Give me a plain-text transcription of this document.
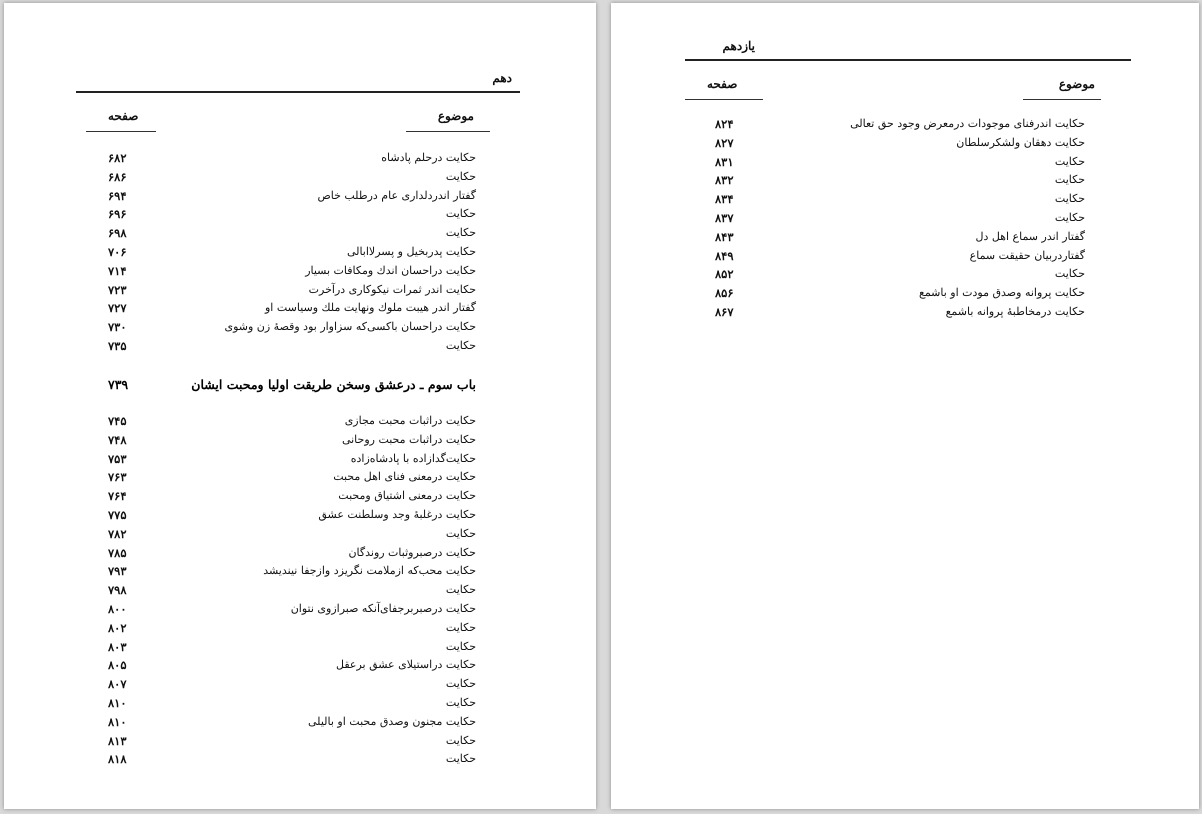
دهم
موضوع
صفحه
حکایت درحلم پادشاه
۶۸۲
حکایت
۶۸۶
گفتار اندردلداری عام درطلب خاص
۶۹۴
حکایت
۶۹۶
حکایت
۶۹۸
حکایت پدربخیل و پسرلاابالی
۷۰۶
حکایت دراحسان اندك ومكافات بسيار
۷۱۴
حکایت اندر ثمرات نیکوکاری درآخرت
۷۲۳
گفتار اندر هیبت ملوك ونهايت ملك وسياست او
۷۲۷
حکایت دراحسان باکسی‌که سزاوار بود وقصهٔ زن وشوی
۷۳۰
حکایت
۷۳۵
باب سوم ـ درعشق وسخن طریقت اولیا ومحبت ایشان
۷۳۹
حکایت دراثبات محبت مجازی
۷۴۵
حکایت دراثبات محبت روحانی
۷۴۸
حکایت‌گدازاده با پادشاه‌زاده
۷۵۳
حکایت درمعنی فنای اهل محبت
۷۶۳
حکایت درمعنی اشتیاق ومحبت
۷۶۴
حکایت درغلبهٔ وجد وسلطنت عشق
۷۷۵
حکایت
۷۸۲
حکایت درصبروثبات روندگان
۷۸۵
حکایت محب‌که ازملامت نگریزد وازجفا نیندیشد
۷۹۳
حکایت
۷۹۸
حکایت درصبربرجفای‌آنکه صبرازوی نتوان
۸۰۰
حکایت
۸۰۲
حکایت
۸۰۳
حکایت دراستیلای عشق برعقل
۸۰۵
حکایت
۸۰۷
حکایت
۸۱۰
حکایت مجنون وصدق محبت او بالیلی
۸۱۰
حکایت
۸۱۳
حکایت
۸۱۸
یازدهم
موضوع
صفحه
حکایت اندرفنای موجودات درمعرض وجود حق تعالی
۸۲۴
حکایت دهقان ولشکرسلطان
۸۲۷
حکایت
۸۳۱
حکایت
۸۳۲
حکایت
۸۳۴
حکایت
۸۳۷
گفتار اندر سماع اهل دل
۸۴۳
گفتاردربیان حقیقت سماع
۸۴۹
حکایت
۸۵۲
حکایت پروانه وصدق مودت او باشمع
۸۵۶
حکایت درمخاطبهٔ پروانه باشمع
۸۶۷
